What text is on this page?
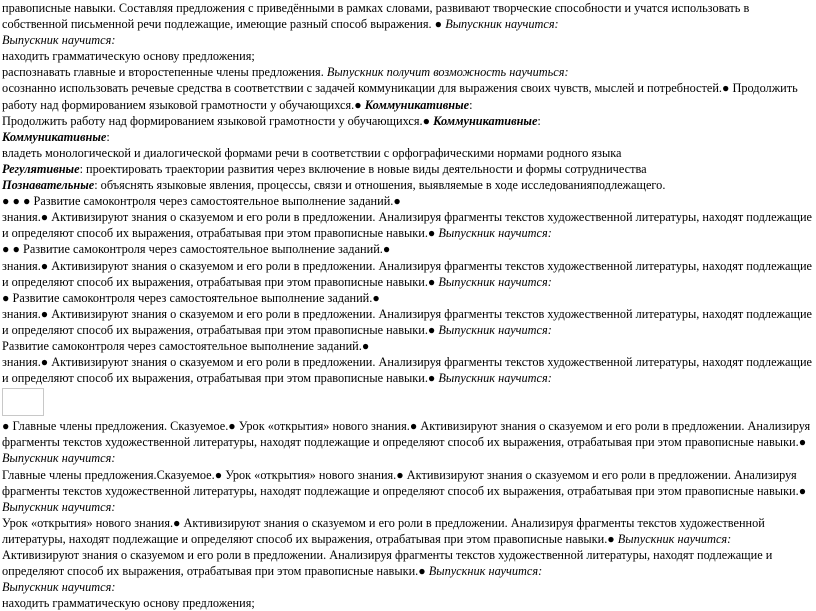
правописные навыки. Составляя предложения с приведёнными в рамках словами, развивают творческие способности и учатся использовать в собственной письменной речи подлежащие, имеющие разный способ выражения. ● Выпускник научится:

Выпускник научится:

находить грамматическую основу предложения;

распознавать главные и второстепенные члены предложения. Выпускник получит возможность научиться:

осознанно использовать речевые средства в соответствии с задачей коммуникации для выражения своих чувств, мыслей и потребностей.● Продолжить работу над формированием языковой грамотности у обучающихся.● Коммуникативные:

Продолжить работу над формированием языковой грамотности у обучающихся.● Коммуникативные:

Коммуникативные:

владеть монологической и диалогической формами речи в соответствии с орфографическими нормами родного языка

Регулятивные: проектировать траектории развития через включение в новые виды деятельности и формы сотрудничества

Познавательные: объяснять языковые явления, процессы, связи и отношения, выявляемые в ходе исследованияподлежащего.

● ● ● Развитие самоконтроля через самостоятельное выполнение заданий.●

знания.● Активизируют знания о сказуемом и его роли в предложении. Анализируя фрагменты текстов художественной литературы, находят подлежащие и определяют способ их выражения, отрабатывая при этом правописные навыки.● Выпускник научится:

● ● Развитие самоконтроля через самостоятельное выполнение заданий.●

знания.● Активизируют знания о сказуемом и его роли в предложении. Анализируя фрагменты текстов художественной литературы, находят подлежащие и определяют способ их выражения, отрабатывая при этом правописные навыки.● Выпускник научится:

● Развитие самоконтроля через самостоятельное выполнение заданий.●

знания.● Активизируют знания о сказуемом и его роли в предложении. Анализируя фрагменты текстов художественной литературы, находят подлежащие и определяют способ их выражения, отрабатывая при этом правописные навыки.● Выпускник научится:

Развитие самоконтроля через самостоятельное выполнение заданий.●

знания.● Активизируют знания о сказуемом и его роли в предложении. Анализируя фрагменты текстов художественной литературы, находят подлежащие и определяют способ их выражения, отрабатывая при этом правописные навыки.● Выпускник научится:

● Главные члены предложения. Сказуемое.● Урок «открытия» нового знания.● Активизируют знания о сказуемом и его роли в предложении. Анализируя фрагменты текстов художественной литературы, находят подлежащие и определяют способ их выражения, отрабатывая при этом правописные навыки.● Выпускник научится:

Главные члены предложения.Сказуемое.● Урок «открытия» нового знания.● Активизируют знания о сказуемом и его роли в предложении. Анализируя фрагменты текстов художественной литературы, находят подлежащие и определяют способ их выражения, отрабатывая при этом правописные навыки.● Выпускник научится:

Урок «открытия» нового знания.● Активизируют знания о сказуемом и его роли в предложении. Анализируя фрагменты текстов художественной литературы, находят подлежащие и определяют способ их выражения, отрабатывая при этом правописные навыки.● Выпускник научится:

Активизируют знания о сказуемом и его роли в предложении. Анализируя фрагменты текстов художественной литературы, находят подлежащие и определяют способ их выражения, отрабатывая при этом правописные навыки.● Выпускник научится:

Выпускник научится:

находить грамматическую основу предложения;
